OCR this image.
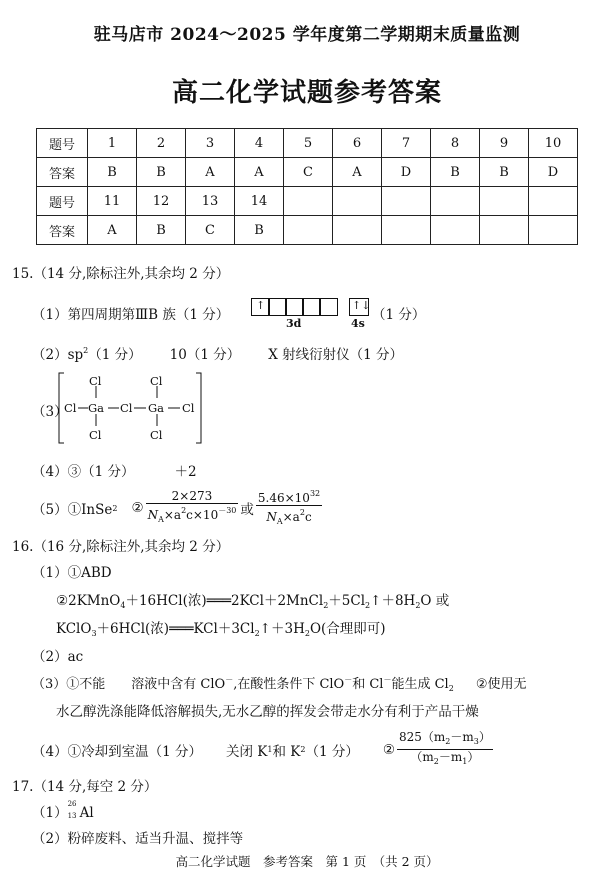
驻马店市 2024～2025 学年度第二学期期末质量监测
高二化学试题参考答案
题号	1	2	3	4	5	6	7	8	9	10
答案	B	B	A	A	C	A	D	B	B	D
题号	11	12	13	14						
答案	A	B	C	B						
15.（14 分,除标注外,其余均 2 分）
（1）第四周期第ⅢB 族（1 分）
↑
3d
↑↓
4s
（1 分）
$(2)sp^2(1$ 分） 10（1 分） X 射线衍射仪（1 分）
（3）
Cl	Cl
Cl Ga Cl Ga Cl
Cl	Cl
（4）③（1 分）	＋2
（5）①InSe 2 ② $\frac{2\times 273}{N_A\times a^2c\times 10^{-30}}$ 或 $\frac{5.46\times 10^{32}}{N_A\times a^2c}$
16.（16 分,除标注外,其余均 2 分）
（1）①ABD
②2KMnO$_4$＋16HCl(浓)$═══2KCl+2MnCl_2+5Cl_2↑+8H_2O$ 或
KClO$_3$＋6HCl(浓)$═══KCl+3Cl_2↑+3H_2O$(合理即可)
（2）ac
（3）①不能 溶液中含有 ClO－,在酸性条件下 ClO－和 Cl－能生成 $Cl_2$ ②使用无
水乙醇洗涤能降低溶解损失,无水乙醇的挥发会带走水分有利于产品干燥
（4）①冷却到室温（1 分） 关闭 K 1 和 K 2 （1 分） ② $\frac{825(m_2-m_3)}{(m_2-m_1)}$
17.（14 分,每空 2 分）
（1）
26
13 Al
（2）粉碎废料、适当升温、搅拌等
高二化学试题　参考答案　第 1 页　（共 2 页）
